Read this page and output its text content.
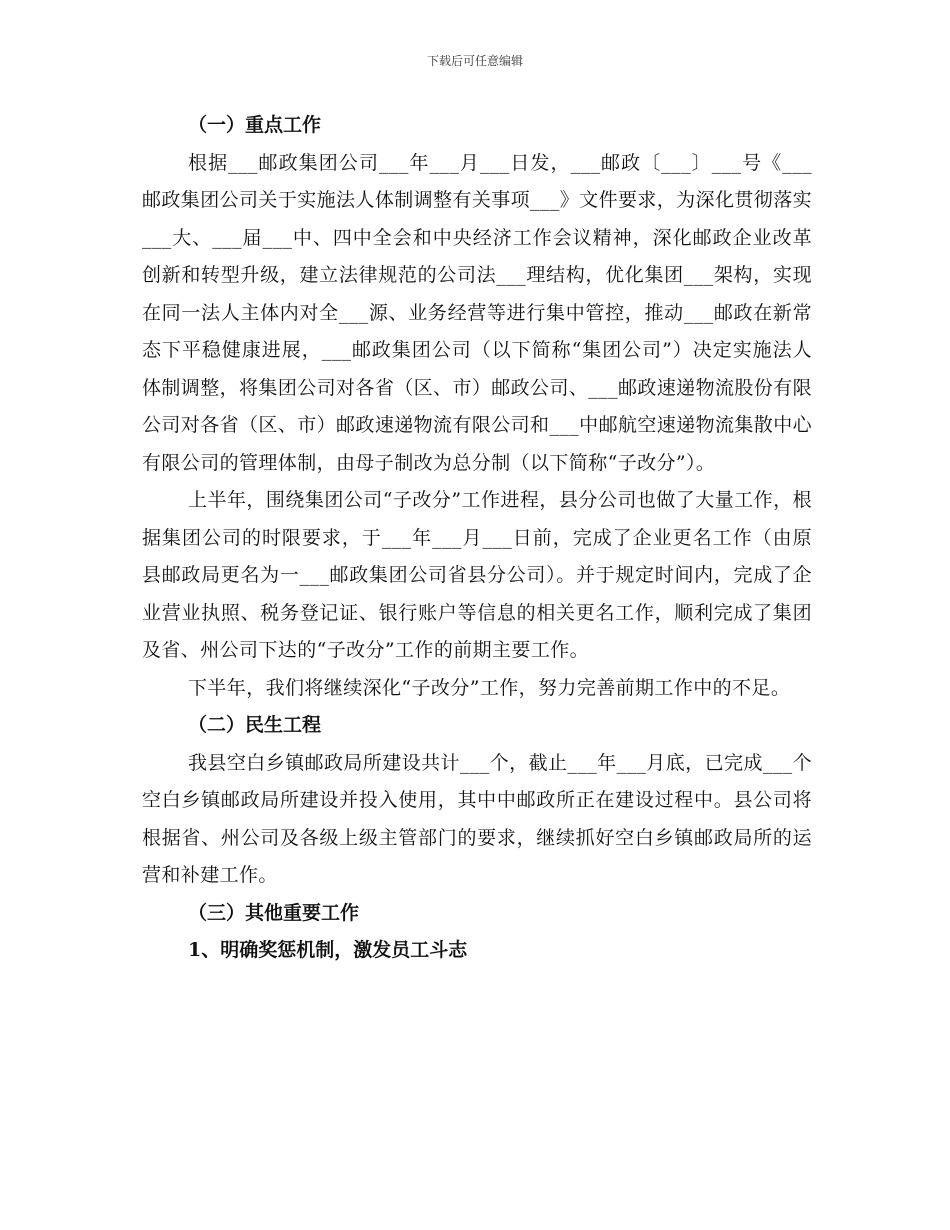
下载后可任意编辑

（一）重点工作

根据___邮政集团公司___年___月___日发，___邮政〔___〕___号《___邮政集团公司关于实施法人体制调整有关事项___》文件要求，为深化贯彻落实___大、___届___中、四中全会和中央经济工作会议精神，深化邮政企业改革创新和转型升级，建立法律规范的公司法___理结构，优化集团___架构，实现在同一法人主体内对全___源、业务经营等进行集中管控，推动___邮政在新常态下平稳健康进展，___邮政集团公司（以下简称“集团公司”）决定实施法人体制调整，将集团公司对各省（区、市）邮政公司、___邮政速递物流股份有限公司对各省（区、市）邮政速递物流有限公司和___中邮航空速递物流集散中心有限公司的管理体制，由母子制改为总分制（以下简称“子改分”）。

上半年，围绕集团公司“子改分”工作进程，县分公司也做了大量工作，根据集团公司的时限要求，于___年___月___日前，完成了企业更名工作（由原县邮政局更名为一___邮政集团公司省县分公司）。并于规定时间内，完成了企业营业执照、税务登记证、银行账户等信息的相关更名工作，顺利完成了集团及省、州公司下达的“子改分”工作的前期主要工作。

下半年，我们将继续深化“子改分”工作，努力完善前期工作中的不足。

（二）民生工程

我县空白乡镇邮政局所建设共计___个，截止___年___月底，已完成___个空白乡镇邮政局所建设并投入使用，其中中邮政所正在建设过程中。县公司将根据省、州公司及各级上级主管部门的要求，继续抓好空白乡镇邮政局所的运营和补建工作。

（三）其他重要工作

1、明确奖惩机制，激发员工斗志
